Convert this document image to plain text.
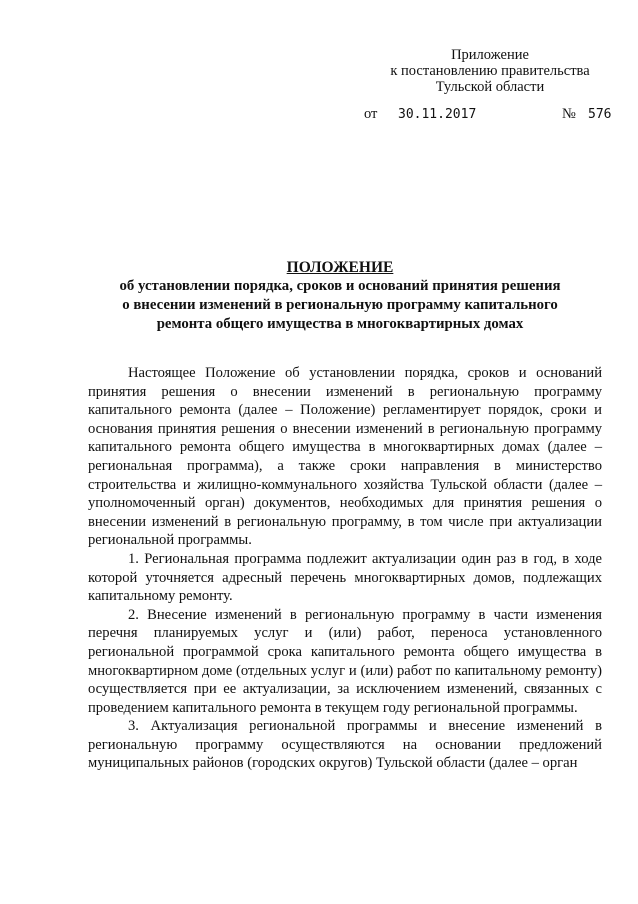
Приложение
к постановлению правительства
Тульской области
от 30.11.2017	№ 576
ПОЛОЖЕНИЕ
об установлении порядка, сроков и оснований принятия решения
о внесении изменений в региональную программу капитального
ремонта общего имущества в многоквартирных домах

Настоящее Положение об установлении порядка, сроков и оснований принятия решения о внесении изменений в региональную программу капитального ремонта (далее – Положение) регламентирует порядок, сроки и основания принятия решения о внесении изменений в региональную программу капитального ремонта общего имущества в многоквартирных домах (далее – региональная программа), а также сроки направления в министерство строительства и жилищно-коммунального хозяйства Тульской области (далее – уполномоченный орган) документов, необходимых для принятия решения о внесении изменений в региональную программу, в том числе при актуализации региональной программы.

1. Региональная программа подлежит актуализации один раз в год, в ходе которой уточняется адресный перечень многоквартирных домов, подлежащих капитальному ремонту.

2. Внесение изменений в региональную программу в части изменения перечня планируемых услуг и (или) работ, переноса установленного региональной программой срока капитального ремонта общего имущества в многоквартирном доме (отдельных услуг и (или) работ по капитальному ремонту) осуществляется при ее актуализации, за исключением изменений, связанных с проведением капитального ремонта в текущем году региональной программы.

3. Актуализация региональной программы и внесение изменений в региональную программу осуществляются на основании предложений муниципальных районов (городских округов) Тульской области (далее – орган
